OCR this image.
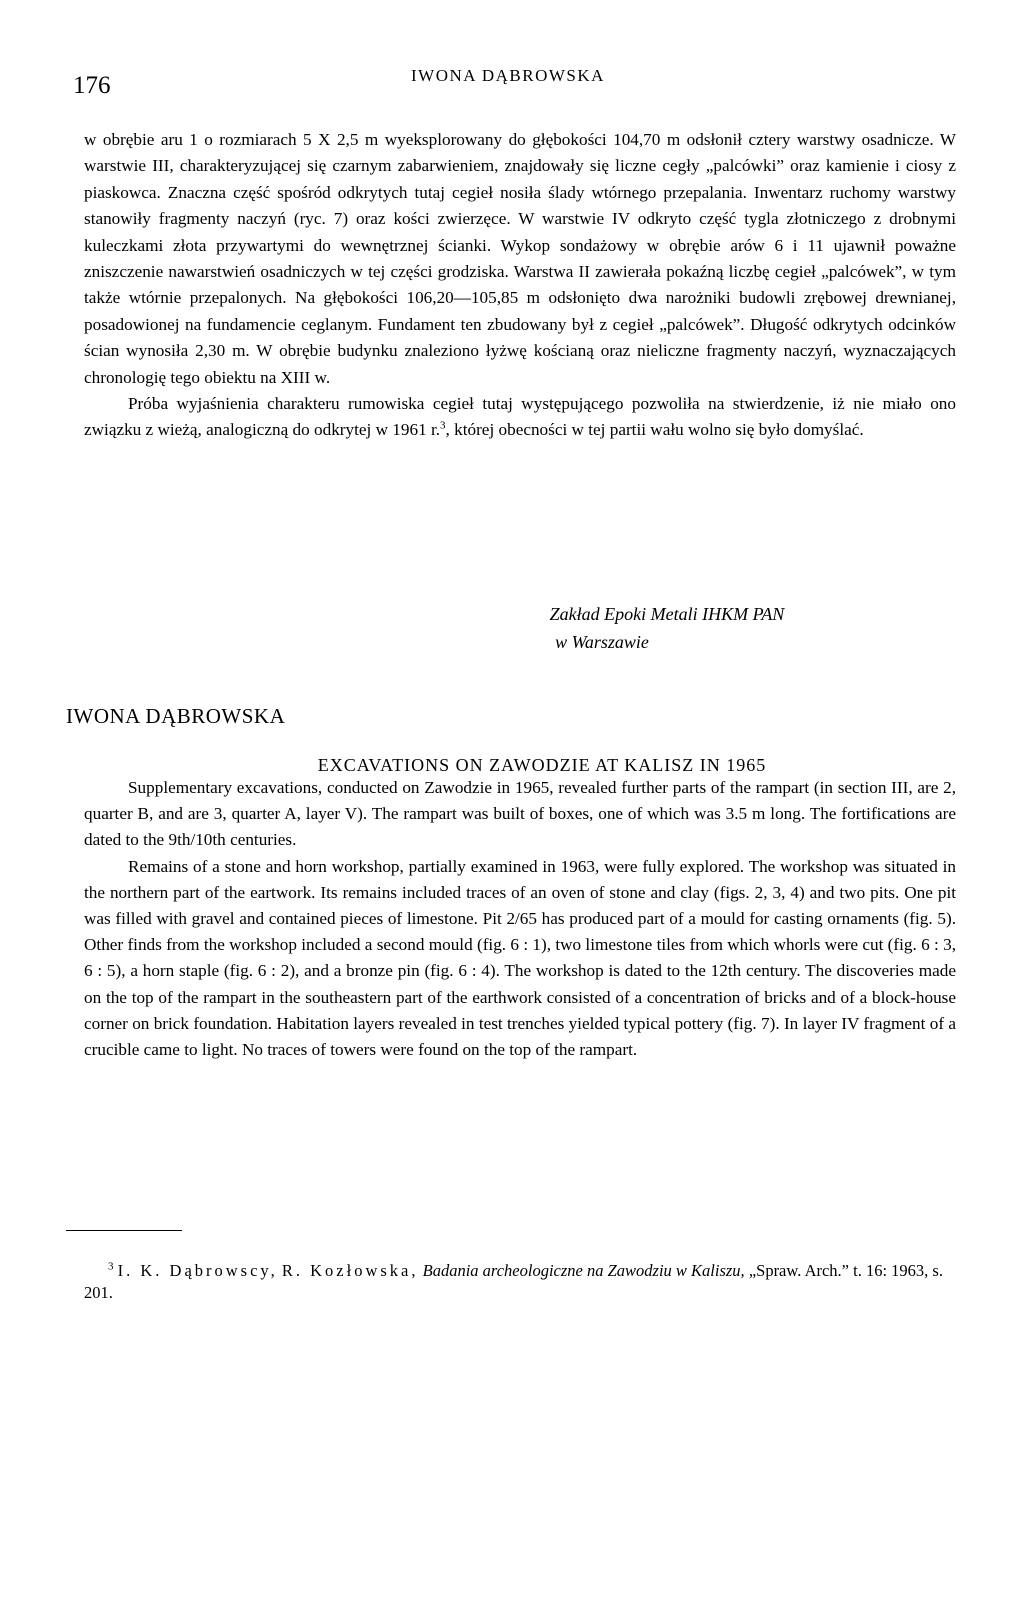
176	IWONA DĄBROWSKA

w obrębie aru 1 o rozmiarach 5 X 2,5 m wyeksplorowany do głębokości 104,70 m odsłonił cztery warstwy osadnicze. W warstwie III, charakteryzującej się czarnym zabarwieniem, znajdowały się liczne cegły „palcówki” oraz kamienie i ciosy z piaskowca. Znaczna część spośród odkrytych tutaj cegieł nosiła ślady wtórnego przepalania. Inwentarz ruchomy warstwy stanowiły fragmenty naczyń (ryc. 7) oraz kości zwierzęce. W warstwie IV odkryto część tygla złotniczego z drobnymi kuleczkami złota przywartymi do wewnętrznej ścianki. Wykop sondażowy w obrębie arów 6 i 11 ujawnił poważne zniszczenie nawarstwień osadniczych w tej części grodziska. Warstwa II zawierała pokaźną liczbę cegieł „palcówek”, w tym także wtórnie przepalonych. Na głębokości 106,20—105,85 m odsłonięto dwa narożniki budowli zrębowej drewnianej, posadowionej na fundamencie ceglanym. Fundament ten zbudowany był z cegieł „palcówek”. Długość odkrytych odcinków ścian wynosiła 2,30 m. W obrębie budynku znaleziono łyżwę kościaną oraz nieliczne fragmenty naczyń, wyznaczających chronologię tego obiektu na XIII w.

Próba wyjaśnienia charakteru rumowiska cegieł tutaj występującego pozwoliła na stwierdzenie, iż nie miało ono związku z wieżą, analogiczną do odkrytej w 1961 r.$^3$, której obecności w tej partii wału wolno się było domyślać.

Zakład Epoki Metali IHKM PAN
w Warszawie
IWONA DĄBROWSKA
EXCAVATIONS ON ZAWODZIE AT KALISZ IN 1965

Supplementary excavations, conducted on Zawodzie in 1965, revealed further parts of the rampart (in section III, are 2, quarter B, and are 3, quarter A, layer V). The rampart was built of boxes, one of which was 3.5 m long. The fortifications are dated to the 9th/10th centuries.

Remains of a stone and horn workshop, partially examined in 1963, were fully explored. The workshop was situated in the northern part of the eartwork. Its remains included traces of an oven of stone and clay (figs. 2, 3, 4) and two pits. One pit was filled with gravel and contained pieces of limestone. Pit 2/65 has produced part of a mould for casting ornaments (fig. 5). Other finds from the workshop included a second mould (fig. 6 : 1), two limestone tiles from which whorls were cut (fig. 6 : 3, 6 : 5), a horn staple (fig. 6 : 2), and a bronze pin (fig. 6 : 4). The workshop is dated to the 12th century. The discoveries made on the top of the rampart in the southeastern part of the earthwork consisted of a concentration of bricks and of a block-house corner on brick foundation. Habitation layers revealed in test trenches yielded typical pottery (fig. 7). In layer IV fragment of a crucible came to light. No traces of towers were found on the top of the rampart.

$^3$ I. K. Dąbrowscy, R. Kozłowska, Badania archeologiczne na Zawodziu w Kaliszu, „Spraw. Arch.” t. 16: 1963, s. 201.
